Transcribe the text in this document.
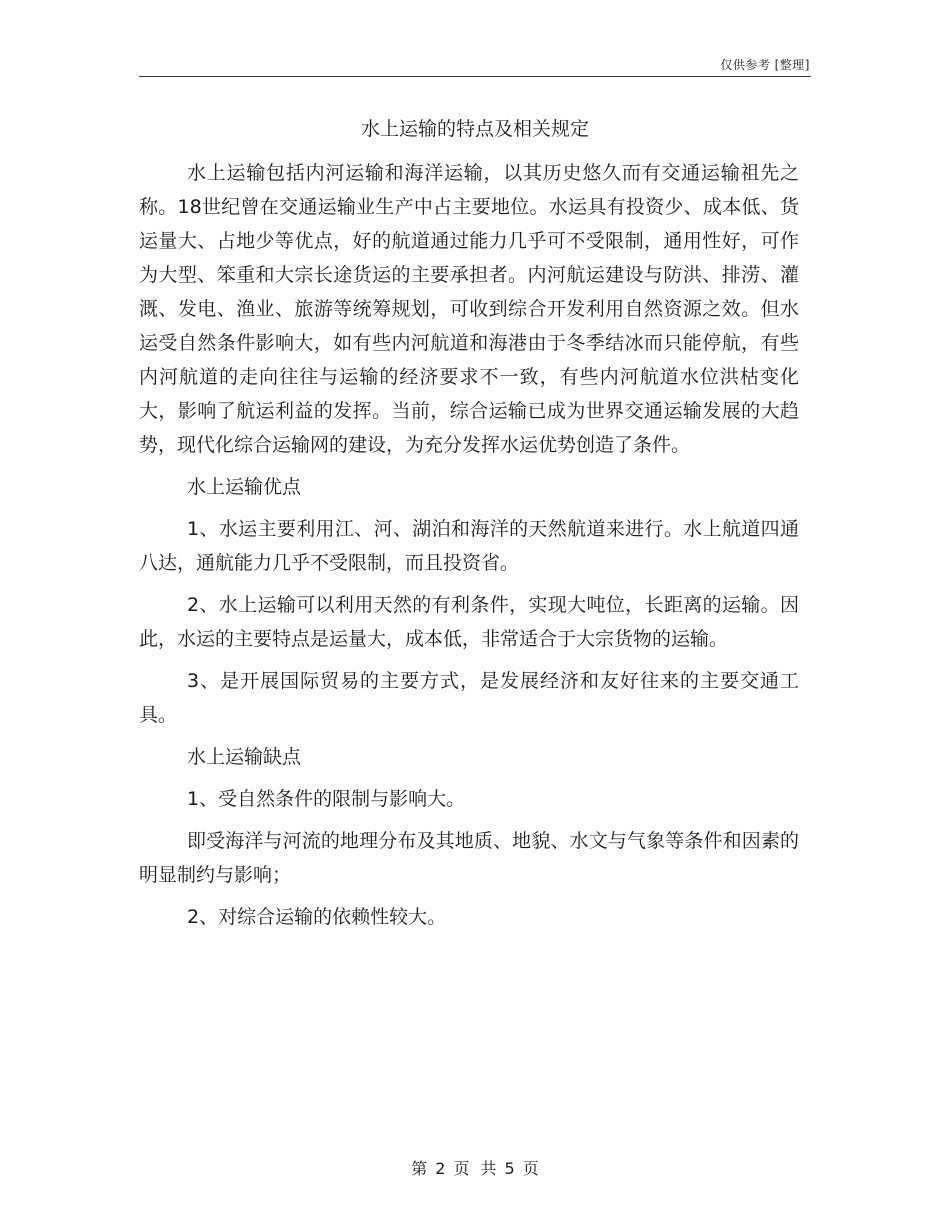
仅供参考 [整理]
水上运输的特点及相关规定

水上运输包括内河运输和海洋运输，以其历史悠久而有交通运输祖先之称。18世纪曾在交通运输业生产中占主要地位。水运具有投资少、成本低、货运量大、占地少等优点，好的航道通过能力几乎可不受限制，通用性好，可作为大型、笨重和大宗长途货运的主要承担者。内河航运建设与防洪、排涝、灌溉、发电、渔业、旅游等统筹规划，可收到综合开发利用自然资源之效。但水运受自然条件影响大，如有些内河航道和海港由于冬季结冰而只能停航，有些内河航道的走向往往与运输的经济要求不一致，有些内河航道水位洪枯变化大，影响了航运利益的发挥。当前，综合运输已成为世界交通运输发展的大趋势，现代化综合运输网的建设，为充分发挥水运优势创造了条件。

水上运输优点

1、水运主要利用江、河、湖泊和海洋的天然航道来进行。水上航道四通八达，通航能力几乎不受限制，而且投资省。

2、水上运输可以利用天然的有利条件，实现大吨位，长距离的运输。因此，水运的主要特点是运量大，成本低，非常适合于大宗货物的运输。

3、是开展国际贸易的主要方式，是发展经济和友好往来的主要交通工具。

水上运输缺点

1、受自然条件的限制与影响大。

即受海洋与河流的地理分布及其地质、地貌、水文与气象等条件和因素的明显制约与影响；

2、对综合运输的依赖性较大。

第 2 页 共 5 页
